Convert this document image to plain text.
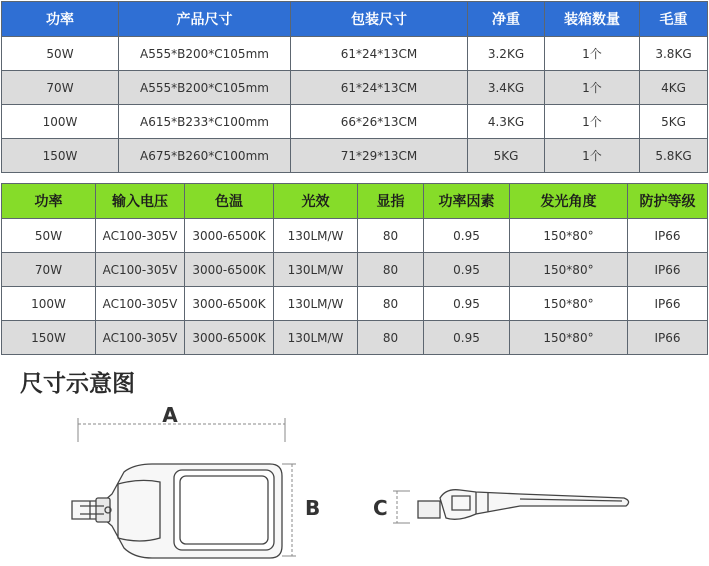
功率	产品尺寸	包装尺寸	净重	装箱数量	毛重
50W	A555*B200*C105mm	61*24*13CM	3.2KG	1个	3.8KG
70W	A555*B200*C105mm	61*24*13CM	3.4KG	1个	4KG
100W	A615*B233*C100mm	66*26*13CM	4.3KG	1个	5KG
150W	A675*B260*C100mm	71*29*13CM	5KG	1个	5.8KG
功率	输入电压	色温	光效	显指	功率因素	发光角度	防护等级
50W	AC100-305V	3000-6500K	130LM/W	80	0.95	150*80°	IP66
70W	AC100-305V	3000-6500K	130LM/W	80	0.95	150*80°	IP66
100W	AC100-305V	3000-6500K	130LM/W	80	0.95	150*80°	IP66
150W	AC100-305V	3000-6500K	130LM/W	80	0.95	150*80°	IP66
尺寸示意图
A
B	C
